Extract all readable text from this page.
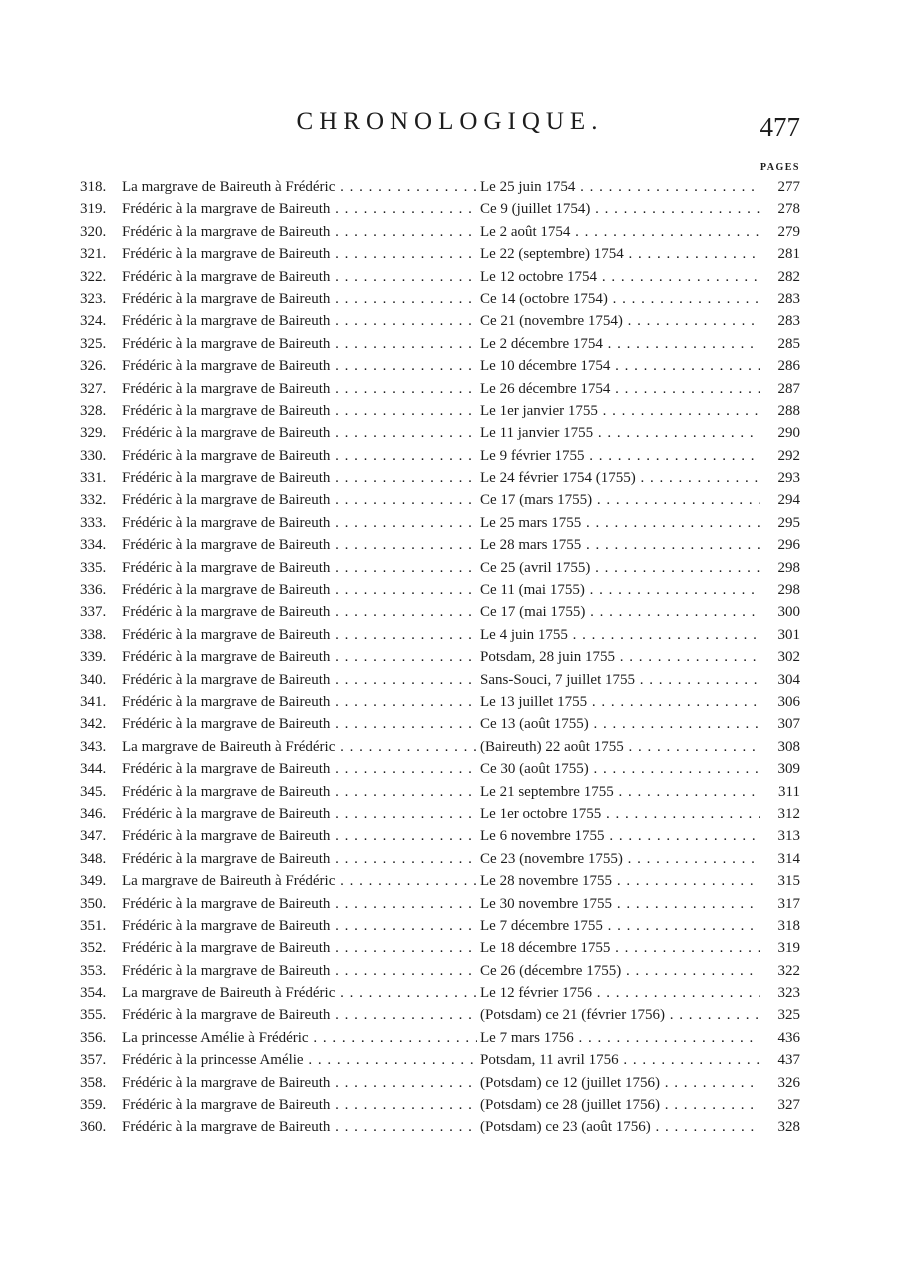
CHRONOLOGIQUE.	477
PAGES
318.	La margrave de Baireuth à Frédéric . . .	Le 25 juin 1754 . . .	277
319.	Frédéric à la margrave de Baireuth . . .	Ce 9 (juillet 1754) . . .	278
320.	Frédéric à la margrave de Baireuth . . .	Le 2 août 1754 . . .	279
321.	Frédéric à la margrave de Baireuth . . .	Le 22 (septembre) 1754 . . .	281
322.	Frédéric à la margrave de Baireuth . . .	Le 12 octobre 1754 . . .	282
323.	Frédéric à la margrave de Baireuth . . .	Ce 14 (octobre 1754) . . .	283
324.	Frédéric à la margrave de Baireuth . . .	Ce 21 (novembre 1754) . . .	283
325.	Frédéric à la margrave de Baireuth . . .	Le 2 décembre 1754 . . .	285
326.	Frédéric à la margrave de Baireuth . . .	Le 10 décembre 1754 . . .	286
327.	Frédéric à la margrave de Baireuth . . .	Le 26 décembre 1754 . . .	287
328.	Frédéric à la margrave de Baireuth . . .	Le 1er janvier 1755 . . .	288
329.	Frédéric à la margrave de Baireuth . . .	Le 11 janvier 1755 . . .	290
330.	Frédéric à la margrave de Baireuth . . .	Le 9 février 1755 . . .	292
331.	Frédéric à la margrave de Baireuth . . .	Le 24 février 1754 (1755) . . .	293
332.	Frédéric à la margrave de Baireuth . . .	Ce 17 (mars 1755) . . .	294
333.	Frédéric à la margrave de Baireuth . . .	Le 25 mars 1755 . . .	295
334.	Frédéric à la margrave de Baireuth . . .	Le 28 mars 1755 . . .	296
335.	Frédéric à la margrave de Baireuth . . .	Ce 25 (avril 1755) . . .	298
336.	Frédéric à la margrave de Baireuth . . .	Ce 11 (mai 1755) . . .	298
337.	Frédéric à la margrave de Baireuth . . .	Ce 17 (mai 1755) . . .	300
338.	Frédéric à la margrave de Baireuth . . .	Le 4 juin 1755 . . .	301
339.	Frédéric à la margrave de Baireuth . . .	Potsdam, 28 juin 1755 . . .	302
340.	Frédéric à la margrave de Baireuth . . .	Sans-Souci, 7 juillet 1755 . . .	304
341.	Frédéric à la margrave de Baireuth . . .	Le 13 juillet 1755 . . .	306
342.	Frédéric à la margrave de Baireuth . . .	Ce 13 (août 1755) . . .	307
343.	La margrave de Baireuth à Frédéric . . .	(Baireuth) 22 août 1755 . . .	308
344.	Frédéric à la margrave de Baireuth . . .	Ce 30 (août 1755) . . .	309
345.	Frédéric à la margrave de Baireuth . . .	Le 21 septembre 1755 . . .	311
346.	Frédéric à la margrave de Baireuth . . .	Le 1er octobre 1755 . . .	312
347.	Frédéric à la margrave de Baireuth . . .	Le 6 novembre 1755 . . .	313
348.	Frédéric à la margrave de Baireuth . . .	Ce 23 (novembre 1755) . . .	314
349.	La margrave de Baireuth à Frédéric . . .	Le 28 novembre 1755 . . .	315
350.	Frédéric à la margrave de Baireuth . . .	Le 30 novembre 1755 . . .	317
351.	Frédéric à la margrave de Baireuth . . .	Le 7 décembre 1755 . . .	318
352.	Frédéric à la margrave de Baireuth . . .	Le 18 décembre 1755 . . .	319
353.	Frédéric à la margrave de Baireuth . . .	Ce 26 (décembre 1755) . . .	322
354.	La margrave de Baireuth à Frédéric . . .	Le 12 février 1756 . . .	323
355.	Frédéric à la margrave de Baireuth . . .	(Potsdam) ce 21 (février 1756) . . .	325
356.	La princesse Amélie à Frédéric . . .	Le 7 mars 1756 . . .	436
357.	Frédéric à la princesse Amélie . . .	Potsdam, 11 avril 1756 . . .	437
358.	Frédéric à la margrave de Baireuth . . .	(Potsdam) ce 12 (juillet 1756) . . .	326
359.	Frédéric à la margrave de Baireuth . . .	(Potsdam) ce 28 (juillet 1756) . . .	327
360.	Frédéric à la margrave de Baireuth . . .	(Potsdam) ce 23 (août 1756) . . .	328
